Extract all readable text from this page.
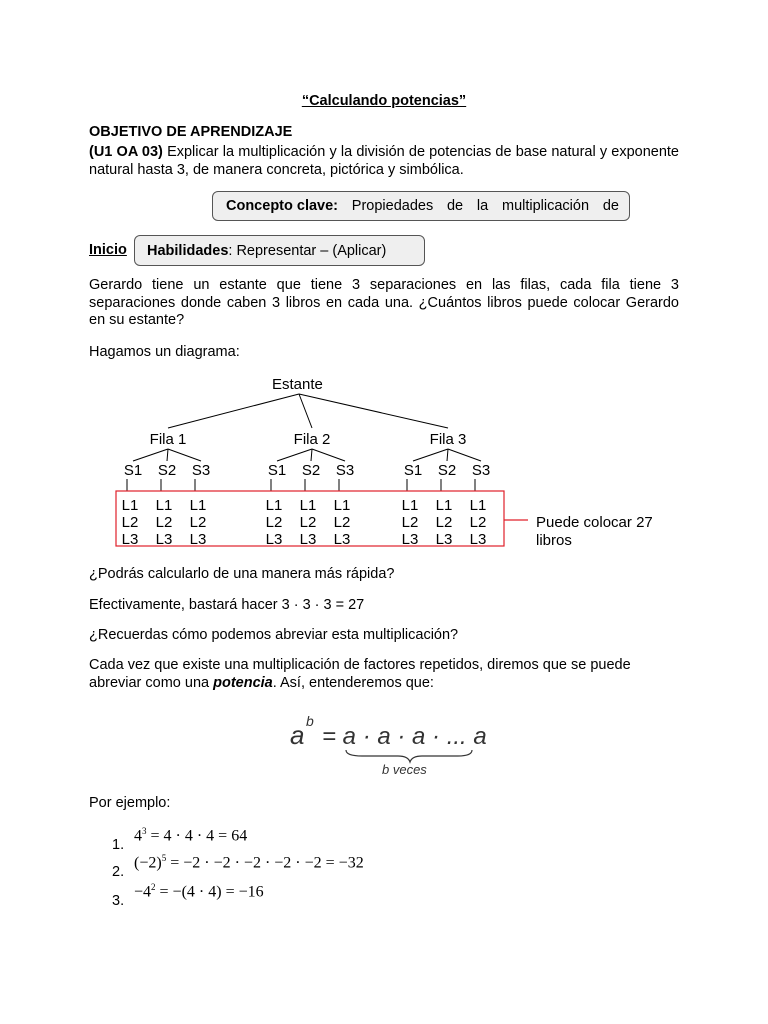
“Calculando potencias”
OBJETIVO DE APRENDIZAJE
(U1 OA 03) Explicar la multiplicación y la división de potencias de base natural y exponente natural hasta 3, de manera concreta, pictórica y simbólica.
Concepto clave: Propiedades de la multiplicación de
Inicio Habilidades : Representar – (Aplicar)
Gerardo tiene un estante que tiene 3 separaciones en las filas, cada fila tiene 3 separaciones donde caben 3 libros en cada una. ¿Cuántos libros puede colocar Gerardo en su estante?
Hagamos un diagrama:
Estante
Fila 1
S1
L1
L2
L3
S2
L1
L2
L3
S3
L1
L2
L3
Fila 2
S1
L1
L2
L3
S2
L1
L2
L3
S3
L1
L2
L3
Fila 3
S1
L1
L2
L3
S2
L1
L2
L3
S3
L1
L2
L3
Puede colocar 27
libros
¿Podrás calcularlo de una manera más rápida?
Efectivamente, bastará hacer 3 · 3 · 3 = 27
¿Recuerdas cómo podemos abreviar esta multiplicación?
Cada vez que existe una multiplicación de factores repetidos, diremos que se puede abreviar como una potencia. Así, entenderemos que:
a b
= a · a · a · ... a
b veces
Por ejemplo:
$1.4^3 = 4 \cdot 4 \cdot 4 = 64$
$2.(-2)^5 = -2 \cdot -2 \cdot -2 \cdot -2 \cdot -2 = -32$
$3.-4^2 = -(4 \cdot 4) = -16$
